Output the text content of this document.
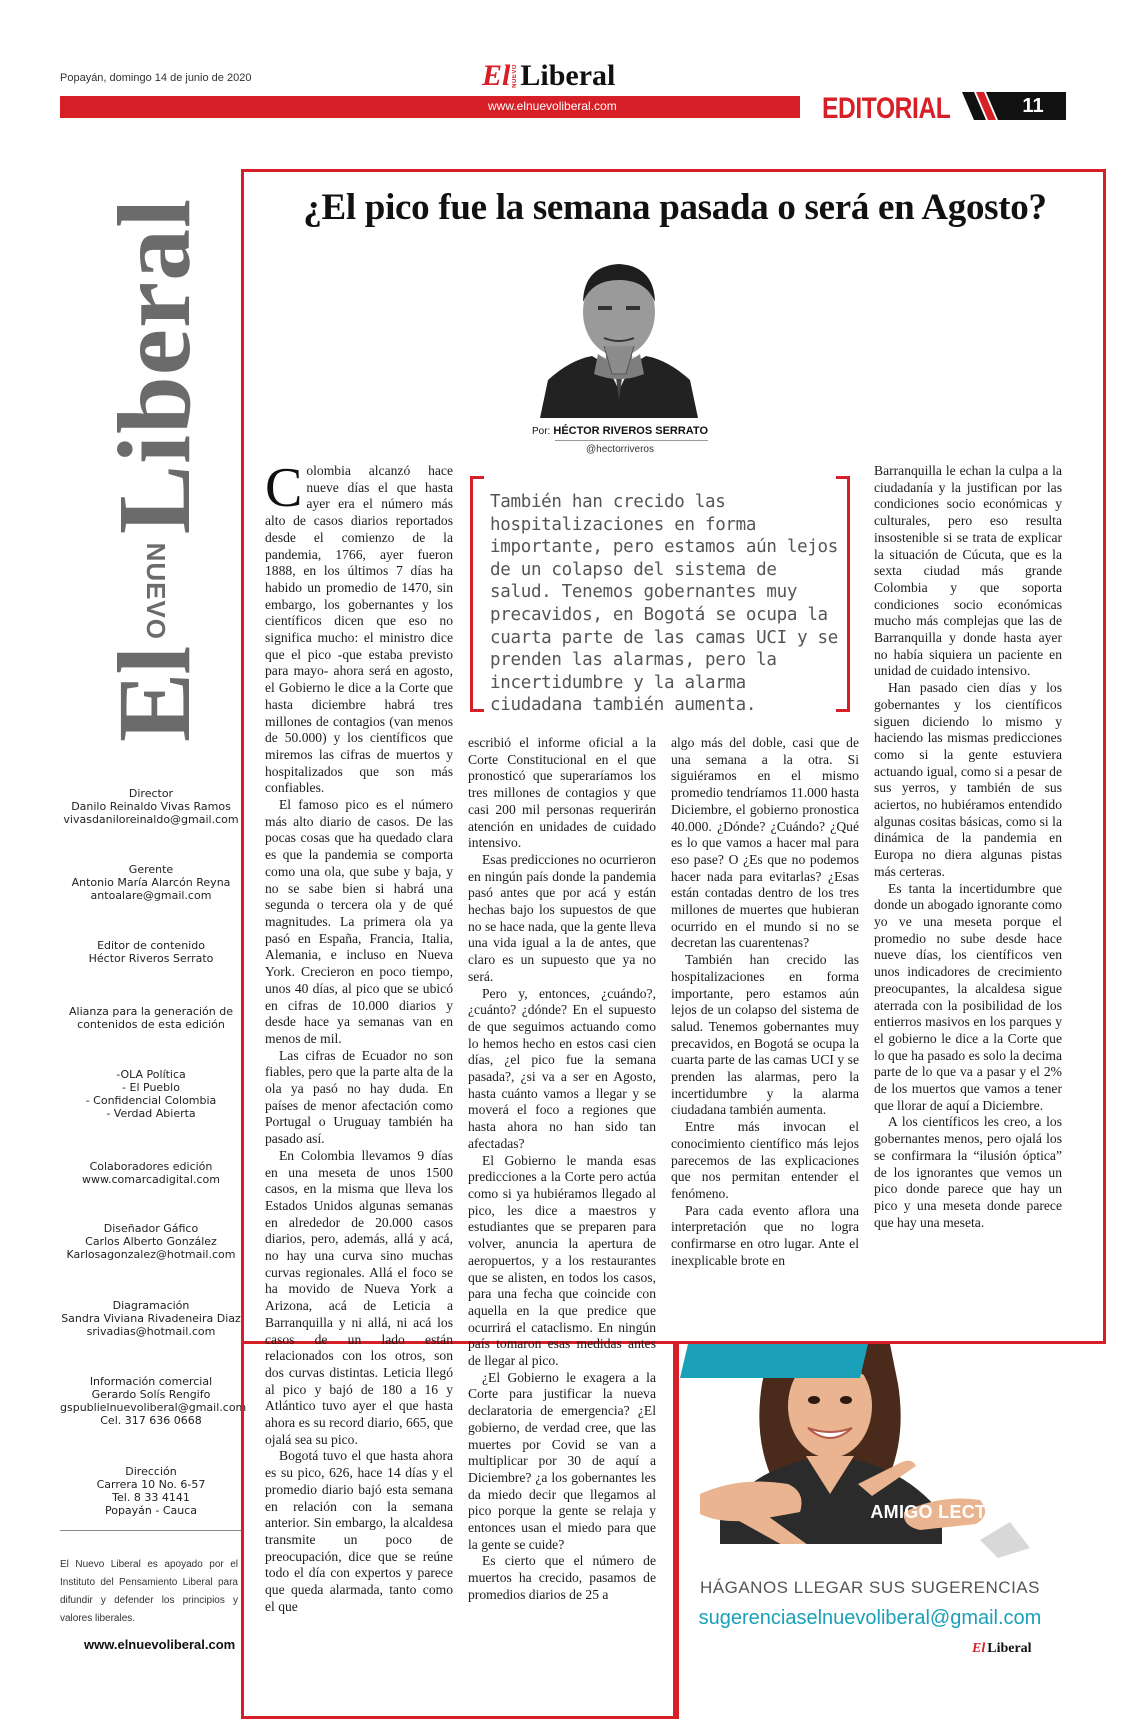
Popayán, domingo 14 de junio de 2020	El NUEVO Liberal
www.elnuevoliberal.com	EDITORIAL	11
El
NUEVO
Liberal
Director
Danilo Reinaldo Vivas Ramos
vivasdaniloreinaldo@gmail.com
Gerente
Antonio María Alarcón Reyna
antoalare@gmail.com
Editor de contenido
Héctor Riveros Serrato
Alianza para la generación de
contenidos de esta edición
-OLA Política
- El Pueblo
- Confidencial Colombia
- Verdad Abierta
Colaboradores edición
www.comarcadigital.com
Diseñador Gáfico
Carlos Alberto González
Karlosagonzalez@hotmail.com
Diagramación
Sandra Viviana Rivadeneira Diaz
srivadias@hotmail.com
Información comercial
Gerardo Solís Rengifo
gspublielnuevoliberal@gmail.com
Cel. 317 636 0668
Dirección
Carrera 10 No. 6-57
Tel. 8 33 4141
Popayán - Cauca
El Nuevo Liberal es apoyado por el Instituto del Pensamiento Liberal para difundir y defender los principios y valores liberales.
www.elnuevoliberal.com
¿El pico fue la semana pasada o será en Agosto?
Por: HÉCTOR RIVEROS SERRATO
@hectorriveros
También han crecido las hospitalizaciones en forma importante, pero estamos aún lejos de un colapso del sistema de salud. Tenemos gobernantes muy precavidos, en Bogotá se ocupa la cuarta parte de las camas UCI y se prenden las alarmas, pero la incertidumbre y la alarma ciudadana también aumenta.

Colombia alcanzó hace nueve días el que hasta ayer era el número más alto de casos diarios reportados desde el comienzo de la pandemia, 1766, ayer fueron 1888, en los últimos 7 días ha habido un promedio de 1470, sin embargo, los gobernantes y los científicos dicen que eso no significa mucho: el ministro dice que el pico -que estaba previsto para mayo- ahora será en agosto, el Gobierno le dice a la Corte que hasta diciembre habrá tres millones de contagios (van menos de 50.000) y los científicos que miremos las cifras de muertos y hospitalizados que son más confiables.

El famoso pico es el número más alto diario de casos. De las pocas cosas que ha quedado clara es que la pandemia se comporta como una ola, que sube y baja, y no se sabe bien si habrá una segunda o tercera ola y de qué magnitudes. La primera ola ya pasó en España, Francia, Italia, Alemania, e incluso en Nueva York. Crecieron en poco tiempo, unos 40 días, al pico que se ubicó en cifras de 10.000 diarios y desde hace ya semanas van en menos de mil.

Las cifras de Ecuador no son fiables, pero que la parte alta de la ola ya pasó no hay duda. En países de menor afectación como Portugal o Uruguay también ha pasado así.

En Colombia llevamos 9 días en una meseta de unos 1500 casos, en la misma que lleva los Estados Unidos algunas semanas en alrededor de 20.000 casos diarios, pero, además, allá y acá, no hay una curva sino muchas curvas regionales. Allá el foco se ha movido de Nueva York a Arizona, acá de Leticia a Barranquilla y ni allá, ni acá los casos de un lado están relacionados con los otros, son dos curvas distintas. Leticia llegó al pico y bajó de 180 a 16 y Atlántico tuvo ayer el que hasta ahora es su record diario, 665, que ojalá sea su pico.

Bogotá tuvo el que hasta ahora es su pico, 626, hace 14 días y el promedio diario bajó esta semana en relación con la semana anterior. Sin embargo, la alcaldesa transmite un poco de preocupación, dice que se reúne todo el día con expertos y parece que queda alarmada, tanto como el que

escribió el informe oficial a la Corte Constitucional en el que pronosticó que superaríamos los tres millones de contagios y que casi 200 mil personas requerirán atención en unidades de cuidado intensivo.

Esas predicciones no ocurrieron en ningún país donde la pandemia pasó antes que por acá y están hechas bajo los supuestos de que no se hace nada, que la gente lleva una vida igual a la de antes, que claro es un supuesto que ya no será.

Pero y, entonces, ¿cuándo?, ¿cuánto? ¿dónde? En el supuesto de que seguimos actuando como lo hemos hecho en estos casi cien días, ¿el pico fue la semana pasada?, ¿si va a ser en Agosto, hasta cuánto vamos a llegar y se moverá el foco a regiones que hasta ahora no han sido tan afectadas?

El Gobierno le manda esas predicciones a la Corte pero actúa como si ya hubiéramos llegado al pico, les dice a maestros y estudiantes que se preparen para volver, anuncia la apertura de aeropuertos, y a los restaurantes que se alisten, en todos los casos, para una fecha que coincide con aquella en la que predice que ocurrirá el cataclismo. En ningún país tomaron esas medidas antes de llegar al pico.

¿El Gobierno le exagera a la Corte para justificar la nueva declaratoria de emergencia? ¿El gobierno, de verdad cree, que las muertes por Covid se van a multiplicar por 30 de aquí a Diciembre? ¿a los gobernantes les da miedo decir que llegamos al pico porque la gente se relaja y entonces usan el miedo para que la gente se cuide?

Es cierto que el número de muertos ha crecido, pasamos de promedios diarios de 25 a

algo más del doble, casi que de una semana a la otra. Si siguiéramos en el mismo promedio tendríamos 11.000 hasta Diciembre, el gobierno pronostica 40.000. ¿Dónde? ¿Cuándo? ¿Qué es lo que vamos a hacer mal para eso pase? O ¿Es que no podemos hacer nada para evitarlas? ¿Esas están contadas dentro de los tres millones de muertes que hubieran ocurrido en el mundo si no se decretan las cuarentenas?

También han crecido las hospitalizaciones en forma importante, pero estamos aún lejos de un colapso del sistema de salud. Tenemos gobernantes muy precavidos, en Bogotá se ocupa la cuarta parte de las camas UCI y se prenden las alarmas, pero la incertidumbre y la alarma ciudadana también aumenta.

Entre más invocan el conocimiento científico más lejos parecemos de las explicaciones que nos permitan entender el fenómeno.

Para cada evento aflora una interpretación que no logra confirmarse en otro lugar. Ante el inexplicable brote en

Barranquilla le echan la culpa a la ciudadanía y la justifican por las condiciones socio económicas y culturales, pero eso resulta insostenible si se trata de explicar la situación de Cúcuta, que es la sexta ciudad más grande Colombia y que soporta condiciones socio económicas mucho más complejas que las de Barranquilla y donde hasta ayer no había siquiera un paciente en unidad de cuidado intensivo.

Han pasado cien días y los gobernantes y los científicos siguen diciendo lo mismo y haciendo las mismas predicciones como si la gente estuviera actuando igual, como si a pesar de sus yerros, y también de sus aciertos, no hubiéramos entendido algunas cositas básicas, como si la dinámica de la pandemia en Europa no diera algunas pistas más certeras.

Es tanta la incertidumbre que donde un abogado ignorante como yo ve una meseta porque el promedio no sube desde hace nueve días, los científicos ven unos indicadores de crecimiento preocupantes, la alcaldesa sigue aterrada con la posibilidad de los entierros masivos en los parques y el gobierno le dice a la Corte que lo que ha pasado es solo la decima parte de lo que va a pasar y el 2% de los muertos que vamos a tener que llorar de aquí a Diciembre.

A los científicos les creo, a los gobernantes menos, pero ojalá los se confirmara la “ilusión óptica” de los ignorantes que vemos un pico donde parece que hay un pico y una meseta donde parece que hay una meseta.

AMIGO LECTOR
HÁGANOS LLEGAR SUS SUGERENCIAS
sugerenciaselnuevoliberal@gmail.com
El Liberal
